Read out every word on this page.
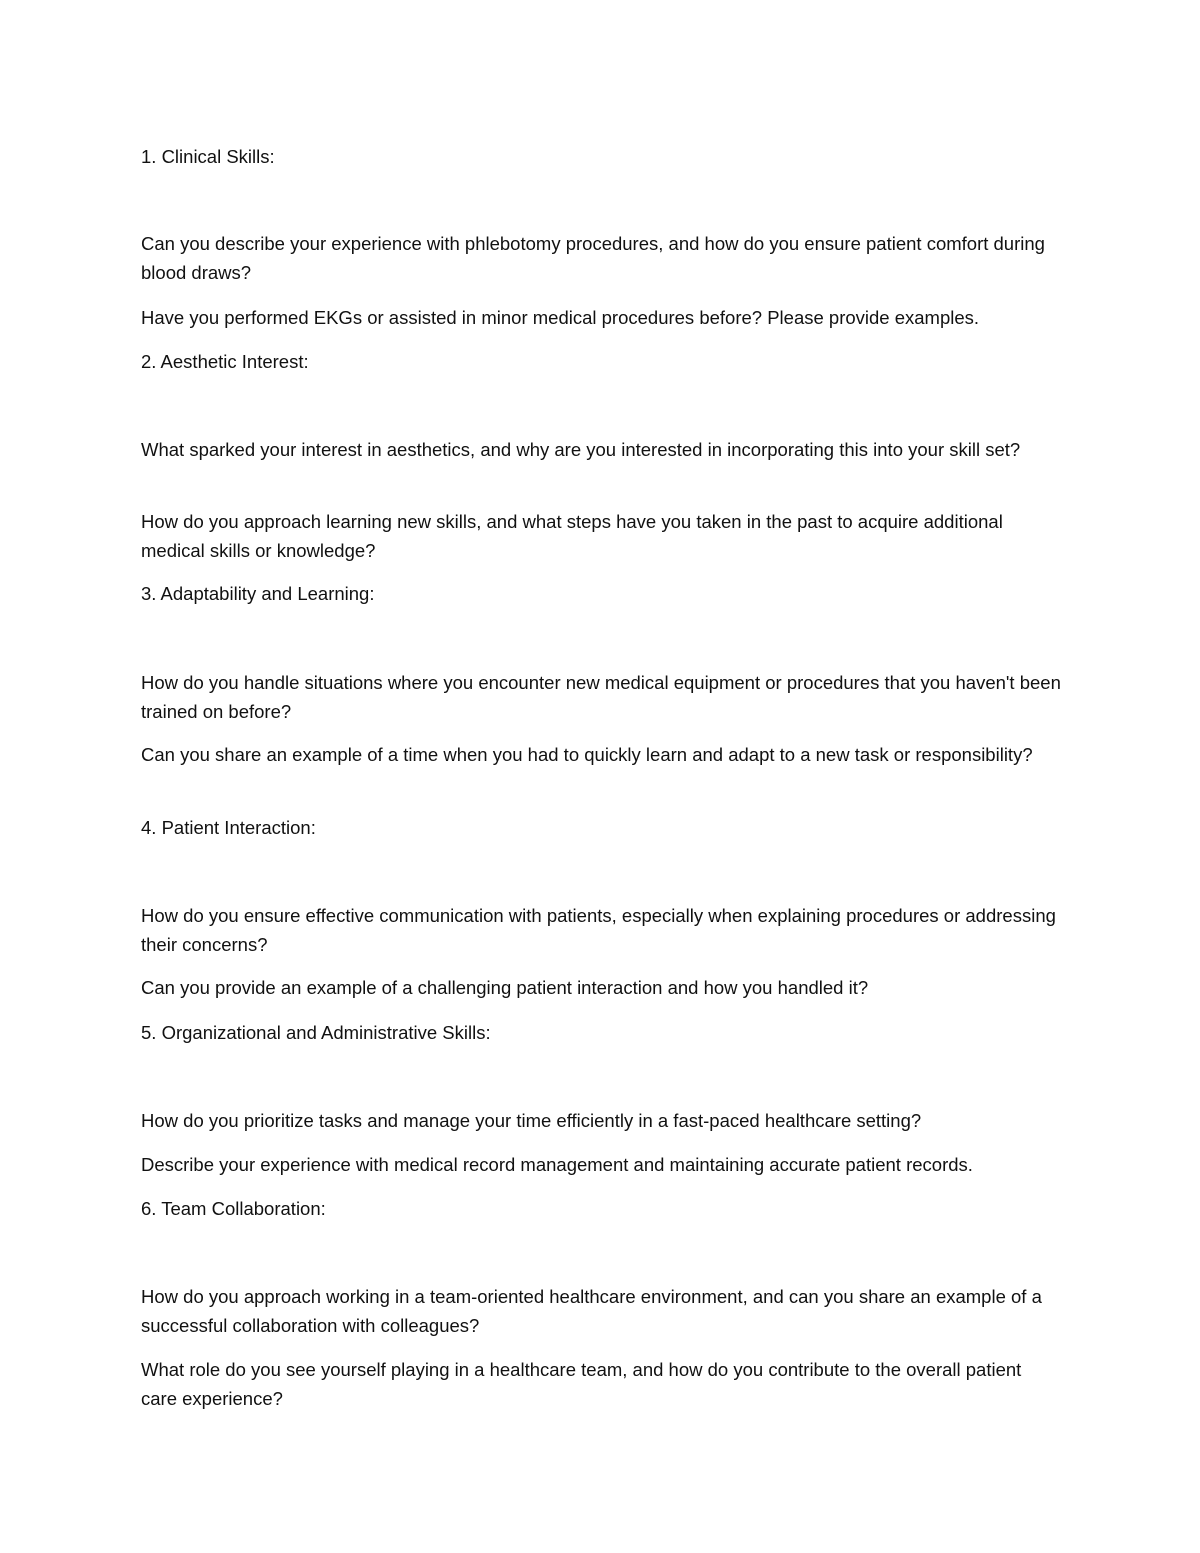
1. Clinical Skills:

Can you describe your experience with phlebotomy procedures, and how do you ensure patient comfort during blood draws?

Have you performed EKGs or assisted in minor medical procedures before? Please provide examples.

2. Aesthetic Interest:

What sparked your interest in aesthetics, and why are you interested in incorporating this into your skill set?

How do you approach learning new skills, and what steps have you taken in the past to acquire additional medical skills or knowledge?

3. Adaptability and Learning:

How do you handle situations where you encounter new medical equipment or procedures that you haven't been trained on before?

Can you share an example of a time when you had to quickly learn and adapt to a new task or responsibility?

4. Patient Interaction:

How do you ensure effective communication with patients, especially when explaining procedures or addressing their concerns?

Can you provide an example of a challenging patient interaction and how you handled it?

5. Organizational and Administrative Skills:

How do you prioritize tasks and manage your time efficiently in a fast-paced healthcare setting?

Describe your experience with medical record management and maintaining accurate patient records.

6. Team Collaboration:

How do you approach working in a team-oriented healthcare environment, and can you share an example of a successful collaboration with colleagues?

What role do you see yourself playing in a healthcare team, and how do you contribute to the overall patient care experience?
